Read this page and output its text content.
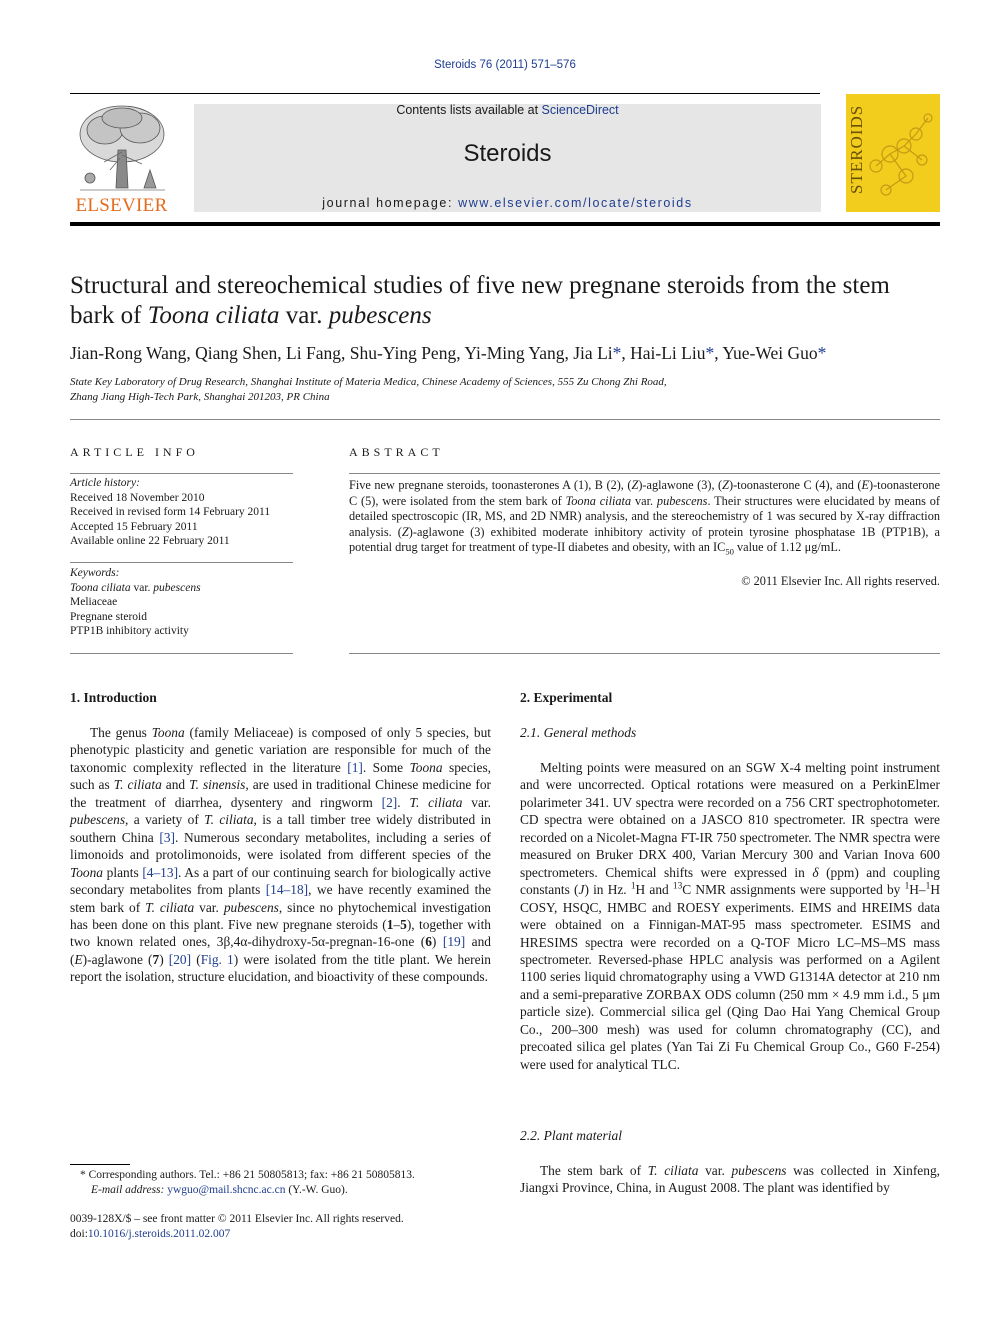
Steroids 76 (2011) 571–576
ELSEVIER
Contents lists available at ScienceDirect
Steroids
journal homepage: www.elsevier.com/locate/steroids
STEROIDS
Structural and stereochemical studies of five new pregnane steroids from the stem bark of Toona ciliata var. pubescens
Jian-Rong Wang, Qiang Shen, Li Fang, Shu-Ying Peng, Yi-Ming Yang, Jia Li*, Hai-Li Liu*, Yue-Wei Guo*
State Key Laboratory of Drug Research, Shanghai Institute of Materia Medica, Chinese Academy of Sciences, 555 Zu Chong Zhi Road,
Zhang Jiang High-Tech Park, Shanghai 201203, PR China
ARTICLE INFO
Article history:
Received 18 November 2010
Received in revised form 14 February 2011
Accepted 15 February 2011
Available online 22 February 2011
Keywords:
Toona ciliata var. pubescens
Meliaceae
Pregnane steroid
PTP1B inhibitory activity
ABSTRACT
Five new pregnane steroids, toonasterones A (1), B (2), (Z)-aglawone (3), (Z)-toonasterone C (4), and (E)-toonasterone C (5), were isolated from the stem bark of Toona ciliata var. pubescens. Their structures were elucidated by means of detailed spectroscopic (IR, MS, and 2D NMR) analysis, and the stereochemistry of 1 was secured by X-ray diffraction analysis. (Z)-aglawone (3) exhibited moderate inhibitory activity of protein tyrosine phosphatase 1B (PTP1B), a potential drug target for treatment of type-II diabetes and obesity, with an $IC_{50}$ value of 1.12 μg/mL.
© 2011 Elsevier Inc. All rights reserved.
1. Introduction
The genus Toona (family Meliaceae) is composed of only 5 species, but phenotypic plasticity and genetic variation are responsible for much of the taxonomic complexity reflected in the literature [1]. Some Toona species, such as T. ciliata and T. sinensis, are used in traditional Chinese medicine for the treatment of diarrhea, dysentery and ringworm [2]. T. ciliata var. pubescens, a variety of T. ciliata, is a tall timber tree widely distributed in southern China [3]. Numerous secondary metabolites, including a series of limonoids and protolimonoids, were isolated from different species of the Toona plants [4–13]. As a part of our continuing search for biologically active secondary metabolites from plants [14–18], we have recently examined the stem bark of T. ciliata var. pubescens, since no phytochemical investigation has been done on this plant. Five new pregnane steroids (1–5), together with two known related ones, 3β,4α-dihydroxy-5α-pregnan-16-one (6) [19] and (E)-aglawone (7) [20] (Fig. 1) were isolated from the title plant. We herein report the isolation, structure elucidation, and bioactivity of these compounds.
2. Experimental
2.1. General methods
Melting points were measured on an SGW X-4 melting point instrument and were uncorrected. Optical rotations were measured on a PerkinElmer polarimeter 341. UV spectra were recorded on a 756 CRT spectrophotometer. CD spectra were obtained on a JASCO 810 spectrometer. IR spectra were recorded on a Nicolet-Magna FT-IR 750 spectrometer. The NMR spectra were measured on Bruker DRX 400, Varian Mercury 300 and Varian Inova 600 spectrometers. Chemical shifts were expressed in δ (ppm) and coupling constants (J) in Hz. $^1$H and $^{13}$C NMR assignments were supported by $^1$H–$^1$H COSY, HSQC, HMBC and ROESY experiments. EIMS and HREIMS data were obtained on a Finnigan-MAT-95 mass spectrometer. ESIMS and HRESIMS spectra were recorded on a Q-TOF Micro LC–MS–MS mass spectrometer. Reversed-phase HPLC analysis was performed on a Agilent 1100 series liquid chromatography using a VWD G1314A detector at 210 nm and a semi-preparative ZORBAX ODS column (250 mm × 4.9 mm i.d., 5 μm particle size). Commercial silica gel (Qing Dao Hai Yang Chemical Group Co., 200–300 mesh) was used for column chromatography (CC), and precoated silica gel plates (Yan Tai Zi Fu Chemical Group Co., G60 F-254) were used for analytical TLC.
2.2. Plant material
The stem bark of T. ciliata var. pubescens was collected in Xinfeng, Jiangxi Province, China, in August 2008. The plant was identified by
* Corresponding authors. Tel.: +86 21 50805813; fax: +86 21 50805813.
E-mail address: ywguo@mail.shcnc.ac.cn (Y.-W. Guo).
0039-128X/$ – see front matter © 2011 Elsevier Inc. All rights reserved.
doi:10.1016/j.steroids.2011.02.007
